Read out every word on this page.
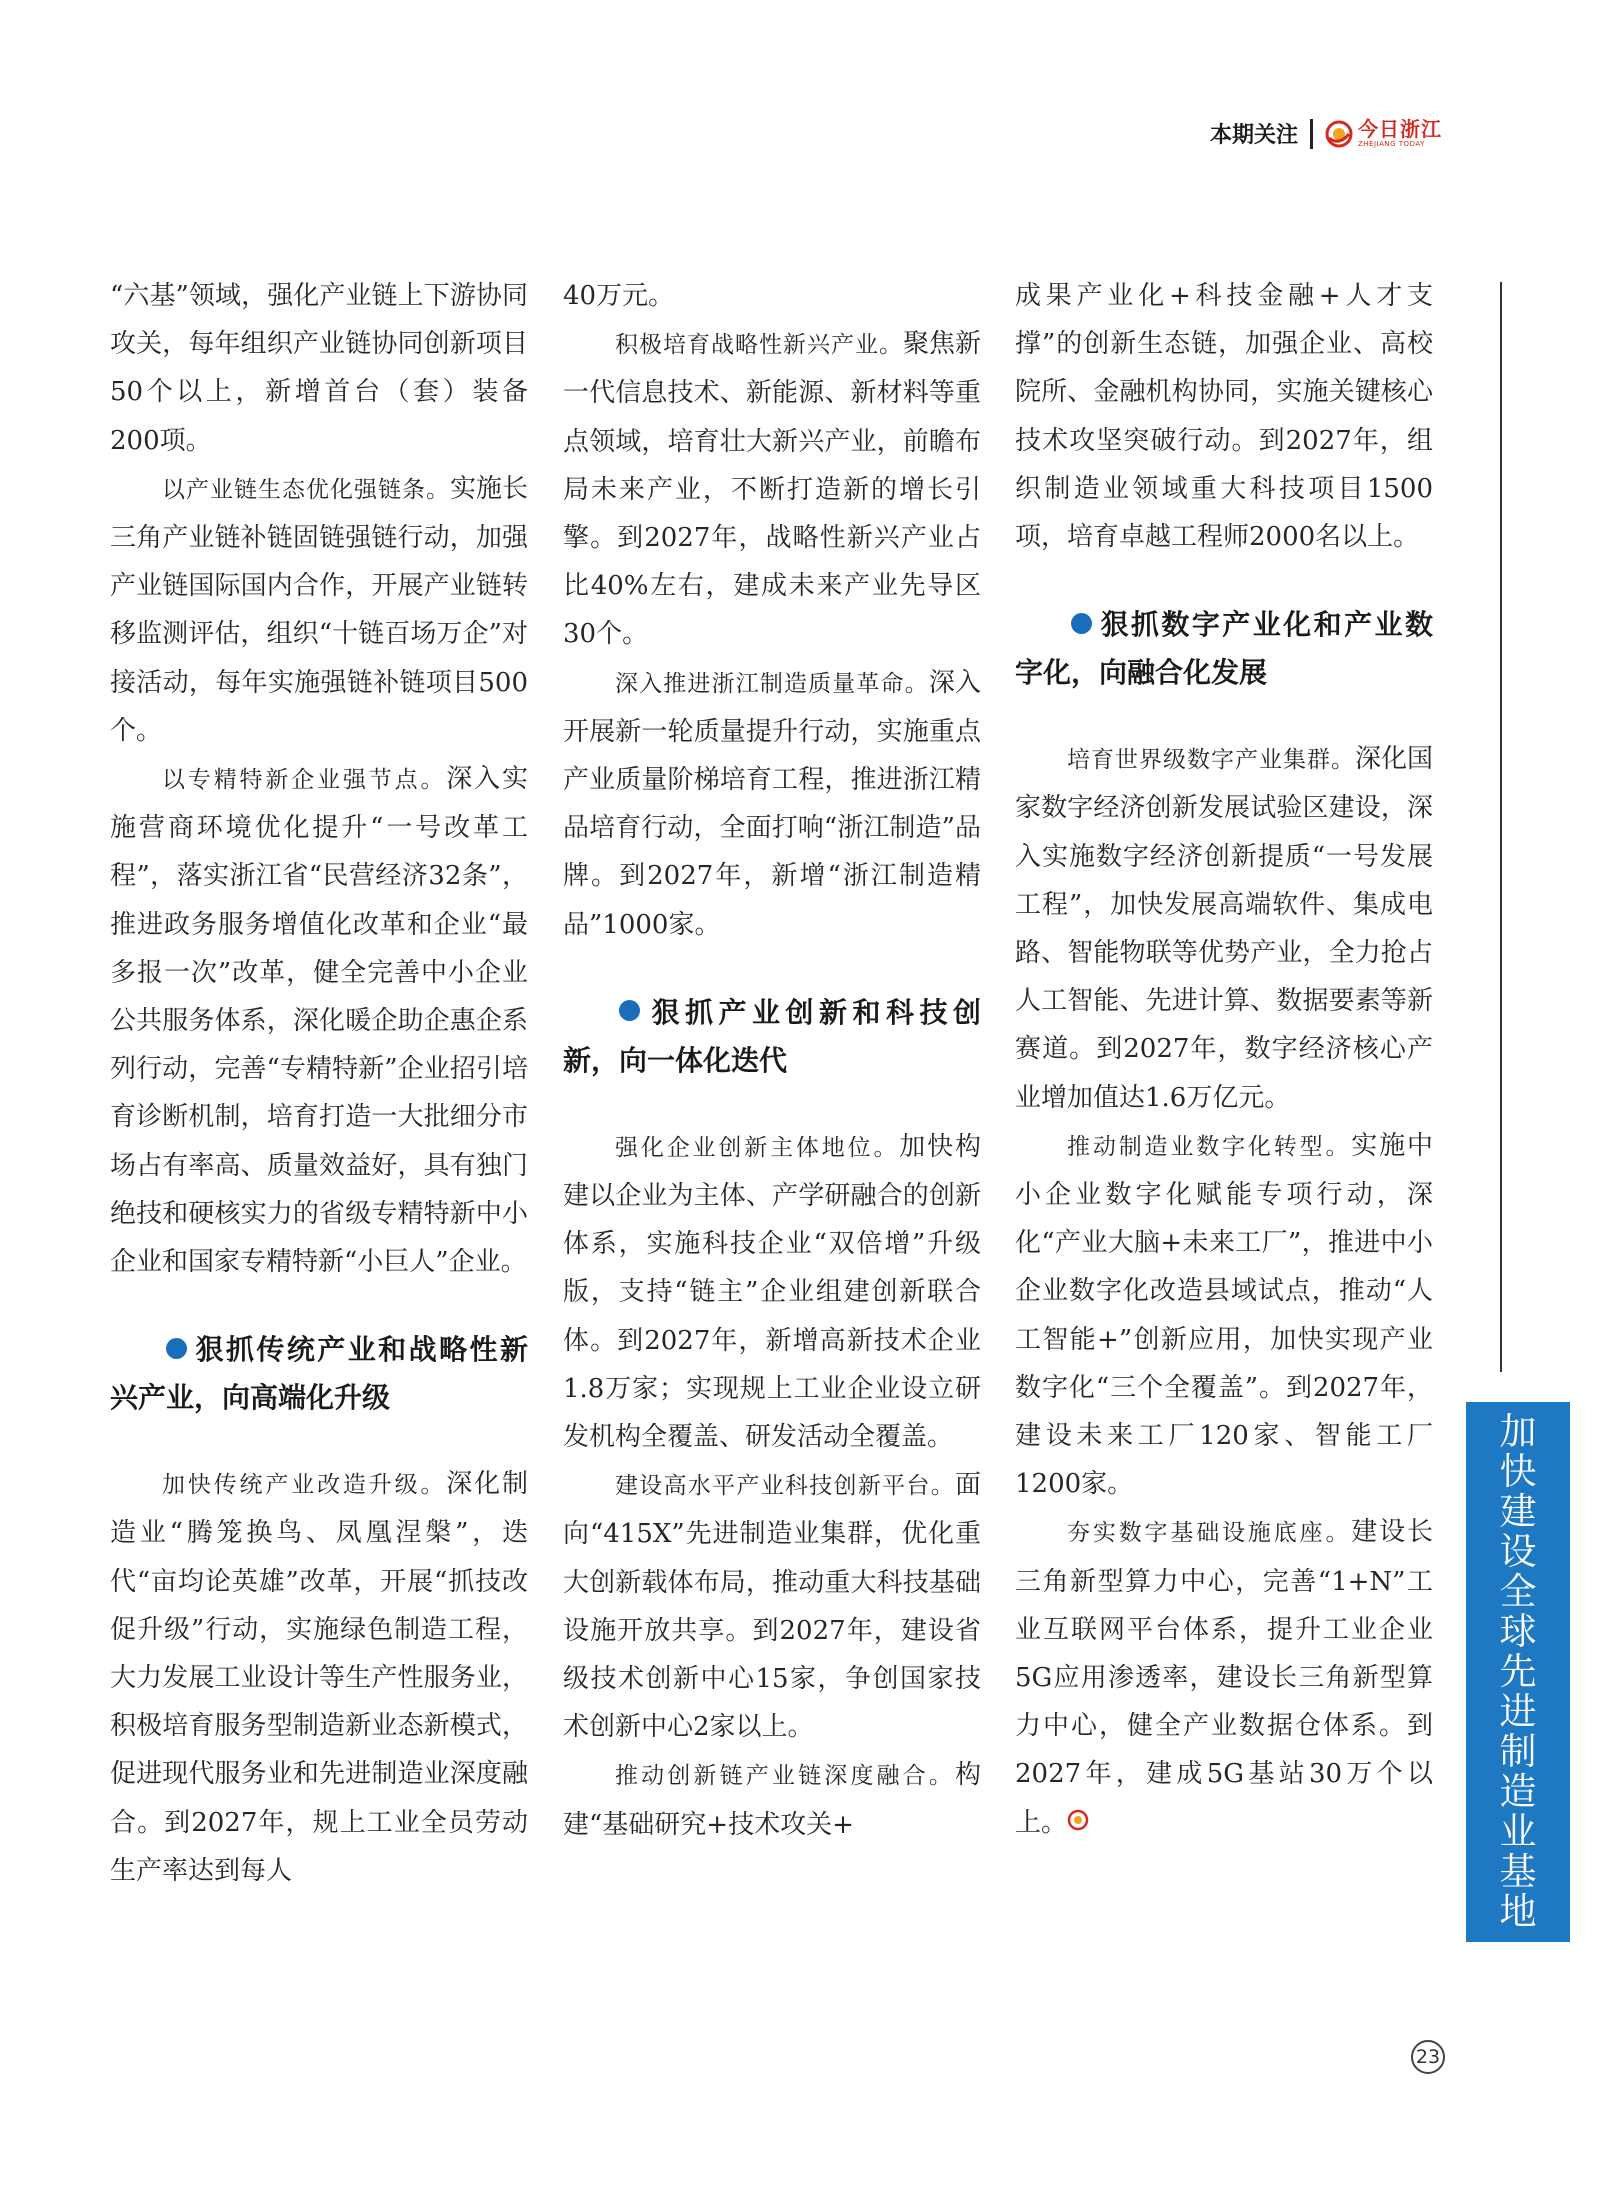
本期关注	今日浙江
ZHEJIANG TODAY

“六基”领域，强化产业链上下游协同攻关，每年组织产业链协同创新项目50个以上，新增首台（套）装备200项。

以产业链生态优化强链条。实施长三角产业链补链固链强链行动，加强产业链国际国内合作，开展产业链转移监测评估，组织“十链百场万企”对接活动，每年实施强链补链项目500个。

以专精特新企业强节点。深入实施营商环境优化提升“一号改革工程”，落实浙江省“民营经济32条”，推进政务服务增值化改革和企业“最多报一次”改革，健全完善中小企业公共服务体系，深化暖企助企惠企系列行动，完善“专精特新”企业招引培育诊断机制，培育打造一大批细分市场占有率高、质量效益好，具有独门绝技和硬核实力的省级专精特新中小企业和国家专精特新“小巨人”企业。

狠抓传统产业和战略性新兴产业，向高端化升级

加快传统产业改造升级。深化制造业“腾笼换鸟、凤凰涅槃”，迭代“亩均论英雄”改革，开展“抓技改促升级”行动，实施绿色制造工程，大力发展工业设计等生产性服务业，积极培育服务型制造新业态新模式，促进现代服务业和先进制造业深度融合。到2027年，规上工业全员劳动生产率达到每人

40万元。

积极培育战略性新兴产业。聚焦新一代信息技术、新能源、新材料等重点领域，培育壮大新兴产业，前瞻布局未来产业，不断打造新的增长引擎。到2027年，战略性新兴产业占比40%左右，建成未来产业先导区30个。

深入推进浙江制造质量革命。深入开展新一轮质量提升行动，实施重点产业质量阶梯培育工程，推进浙江精品培育行动，全面打响“浙江制造”品牌。到2027年，新增“浙江制造精品”1000家。

狠抓产业创新和科技创新，向一体化迭代

强化企业创新主体地位。加快构建以企业为主体、产学研融合的创新体系，实施科技企业“双倍增”升级版，支持“链主”企业组建创新联合体。到2027年，新增高新技术企业1.8万家；实现规上工业企业设立研发机构全覆盖、研发活动全覆盖。

建设高水平产业科技创新平台。面向“415X”先进制造业集群，优化重大创新载体布局，推动重大科技基础设施开放共享。到2027年，建设省级技术创新中心15家，争创国家技术创新中心2家以上。

推动创新链产业链深度融合。构建“基础研究+技术攻关+

成果产业化+科技金融+人才支撑”的创新生态链，加强企业、高校院所、金融机构协同，实施关键核心技术攻坚突破行动。到2027年，组织制造业领域重大科技项目1500项，培育卓越工程师2000名以上。

狠抓数字产业化和产业数字化，向融合化发展

培育世界级数字产业集群。深化国家数字经济创新发展试验区建设，深入实施数字经济创新提质“一号发展工程”，加快发展高端软件、集成电路、智能物联等优势产业，全力抢占人工智能、先进计算、数据要素等新赛道。到2027年，数字经济核心产业增加值达1.6万亿元。

推动制造业数字化转型。实施中小企业数字化赋能专项行动，深化“产业大脑+未来工厂”，推进中小企业数字化改造县域试点，推动“人工智能+”创新应用，加快实现产业数字化“三个全覆盖”。到2027年，建设未来工厂120家、智能工厂1200家。

夯实数字基础设施底座。建设长三角新型算力中心，完善“1+N”工业互联网平台体系，提升工业企业5G应用渗透率，建设长三角新型算力中心，健全产业数据仓体系。到2027年，建成5G基站30万个以上。

加快建设全球先进制造业基地
23
